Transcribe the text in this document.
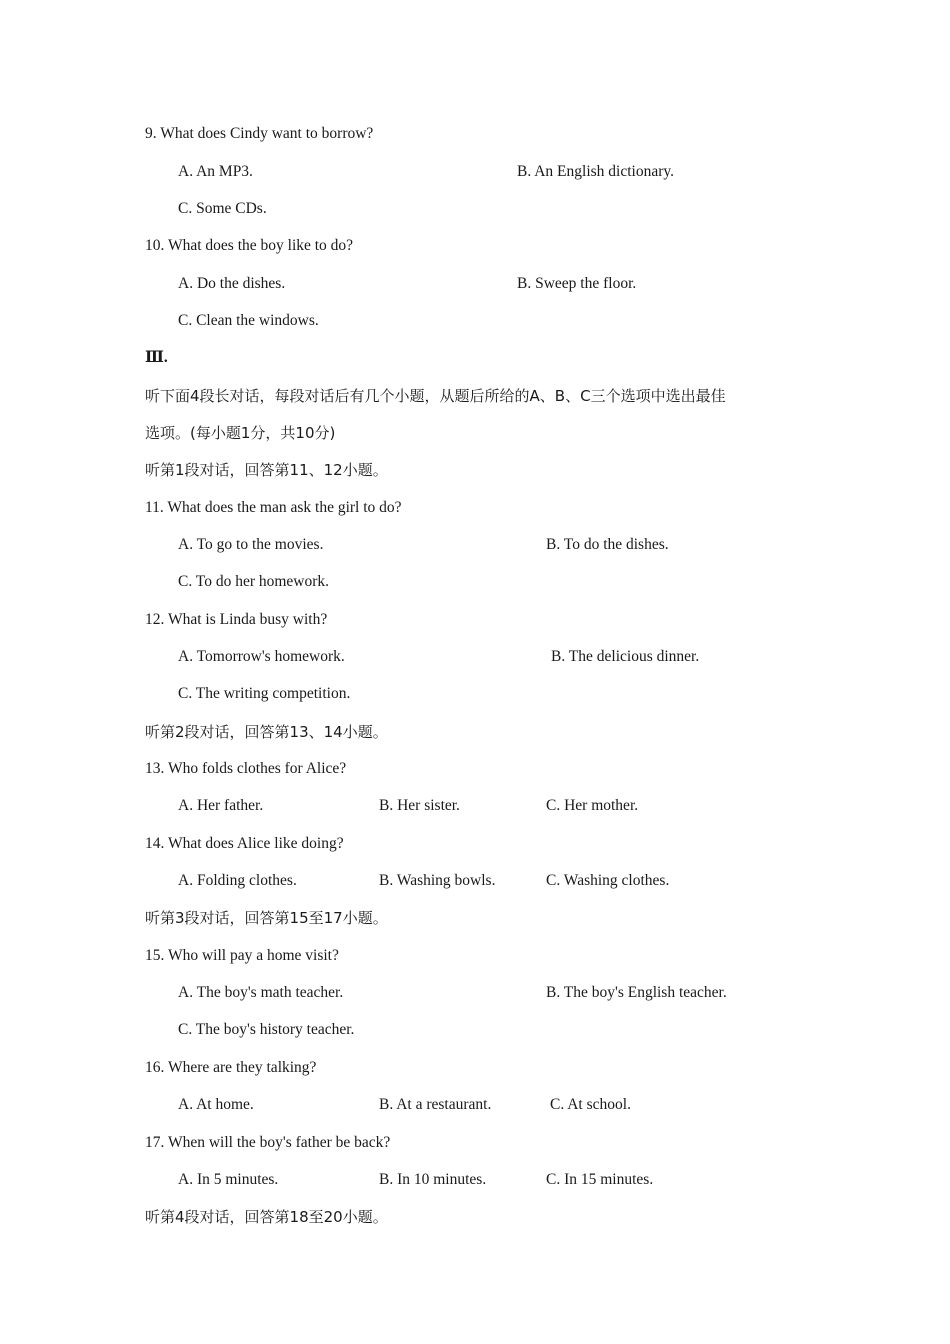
9. What does Cindy want to borrow?
A. An MP3.	B. An English dictionary.
C. Some CDs.
10. What does the boy like to do?
A. Do the dishes.	B. Sweep the floor.
C. Clean the windows.
Ⅲ.
听下面4段长对话，每段对话后有几个小题，从题后所给的A、B、C三个选项中选出最佳
选项。(每小题1分，共10分)
听第1段对话，回答第11、12小题。
11. What does the man ask the girl to do?
A. To go to the movies.	B. To do the dishes.
C. To do her homework.
12. What is Linda busy with?
A. Tomorrow's homework.	B. The delicious dinner.
C. The writing competition.
听第2段对话，回答第13、14小题。
13. Who folds clothes for Alice?
A. Her father.	B. Her sister.	C. Her mother.
14. What does Alice like doing?
A. Folding clothes.	B. Washing bowls.	C. Washing clothes.
听第3段对话，回答第15至17小题。
15. Who will pay a home visit?
A. The boy's math teacher.	B. The boy's English teacher.
C. The boy's history teacher.
16. Where are they talking?
A. At home.	B. At a restaurant.	C. At school.
17. When will the boy's father be back?
A. In 5 minutes.	B. In 10 minutes.	C. In 15 minutes.
听第4段对话，回答第18至20小题。
